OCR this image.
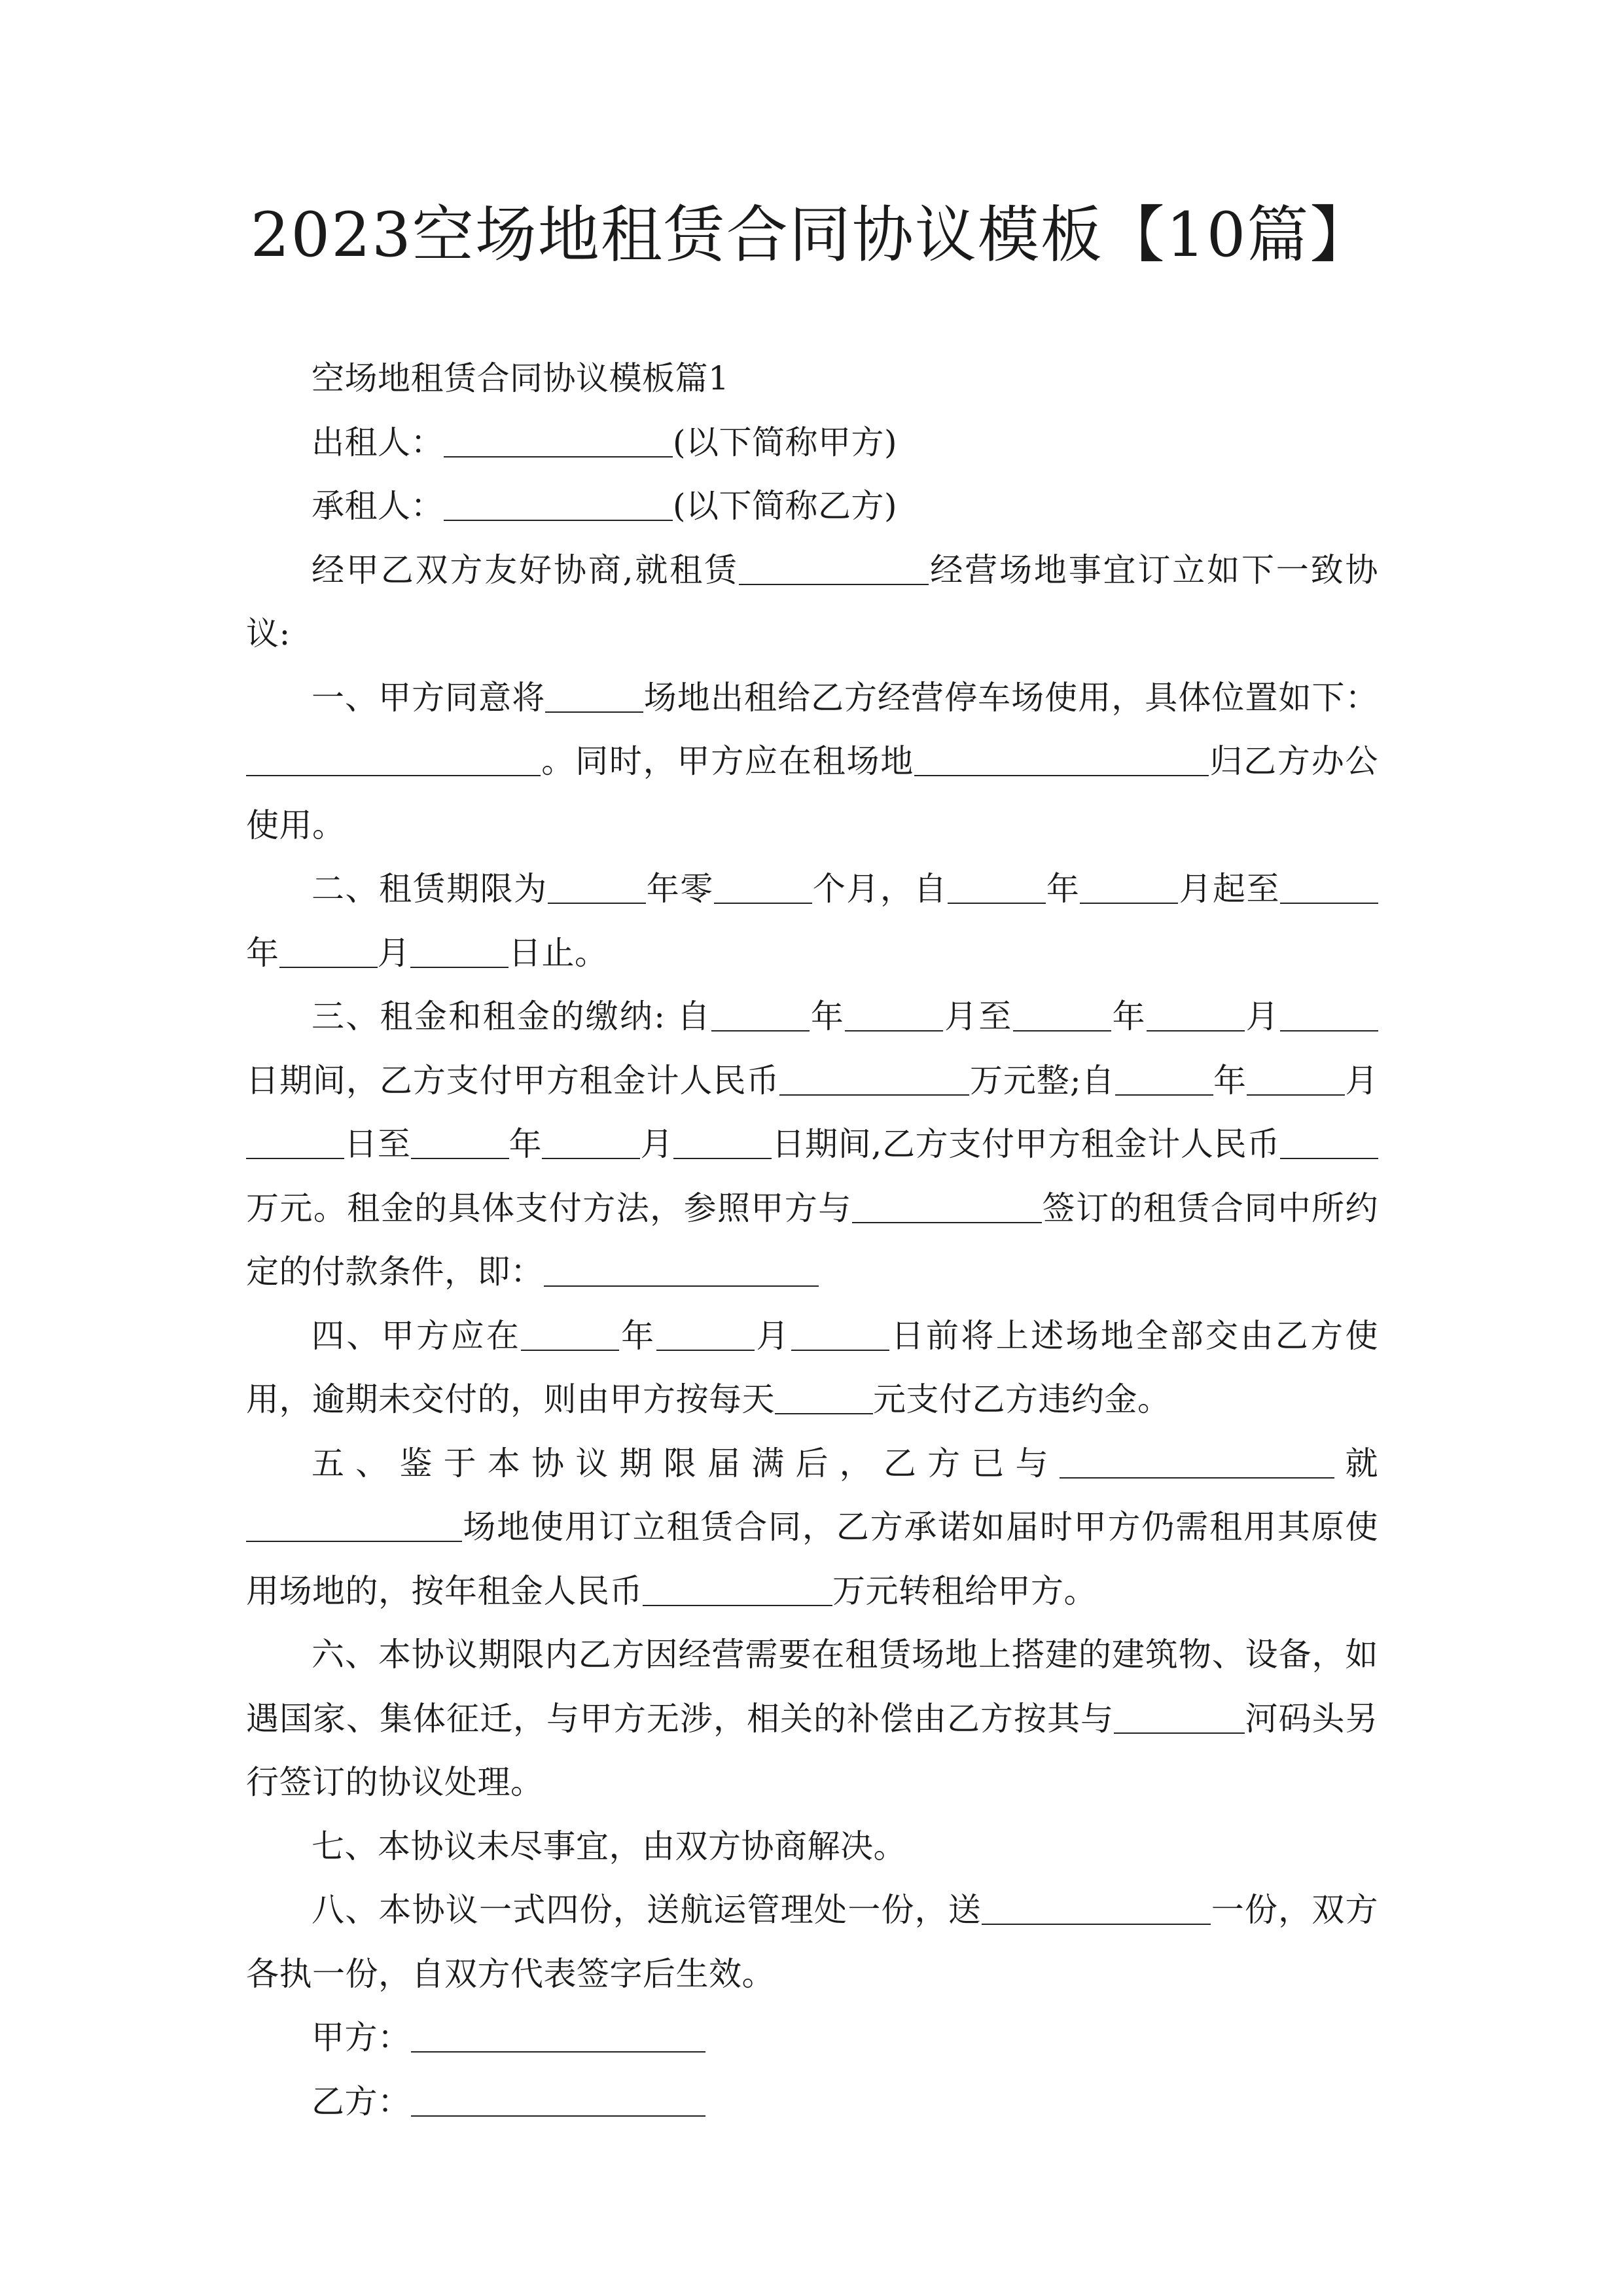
2023空场地租赁合同协议模板【10篇】

空场地租赁合同协议模板篇1

出租人：	(以下简称甲方)

承租人：	(以下简称乙方)

经甲乙双方友好协商,就租赁	经营场地事宜订立如下一致协议:

一、甲方同意将	场地出租给乙方经营停车场使用，具体位置如下：。同时，甲方应在租场地	归乙方办公使用。

二、租赁期限为	年零	个月，自	年	月起至年	月	日止。

三、租金和租金的缴纳: 自	年	月至	年	月日期间，乙方支付甲方租金计人民币	万元整;自	年	月日至	年	月	日期间,乙方支付甲方租金计人民币万元。租金的具体支付方法，参照甲方与	签订的租赁合同中所约定的付款条件，即：

四、甲方应在	年	月	日前将上述场地全部交由乙方使用，逾期未交付的，则由甲方按每天	元支付乙方违约金。

五、鉴于本协议期限届满后，乙方已与	就场地使用订立租赁合同，乙方承诺如届时甲方仍需租用其原使用场地的，按年租金人民币	万元转租给甲方。

六、本协议期限内乙方因经营需要在租赁场地上搭建的建筑物、设备，如遇国家、集体征迁，与甲方无涉，相关的补偿由乙方按其与	河码头另行签订的协议处理。

七、本协议未尽事宜，由双方协商解决。

八、本协议一式四份，送航运管理处一份，送	一份，双方各执一份，自双方代表签字后生效。

甲方：

乙方：
